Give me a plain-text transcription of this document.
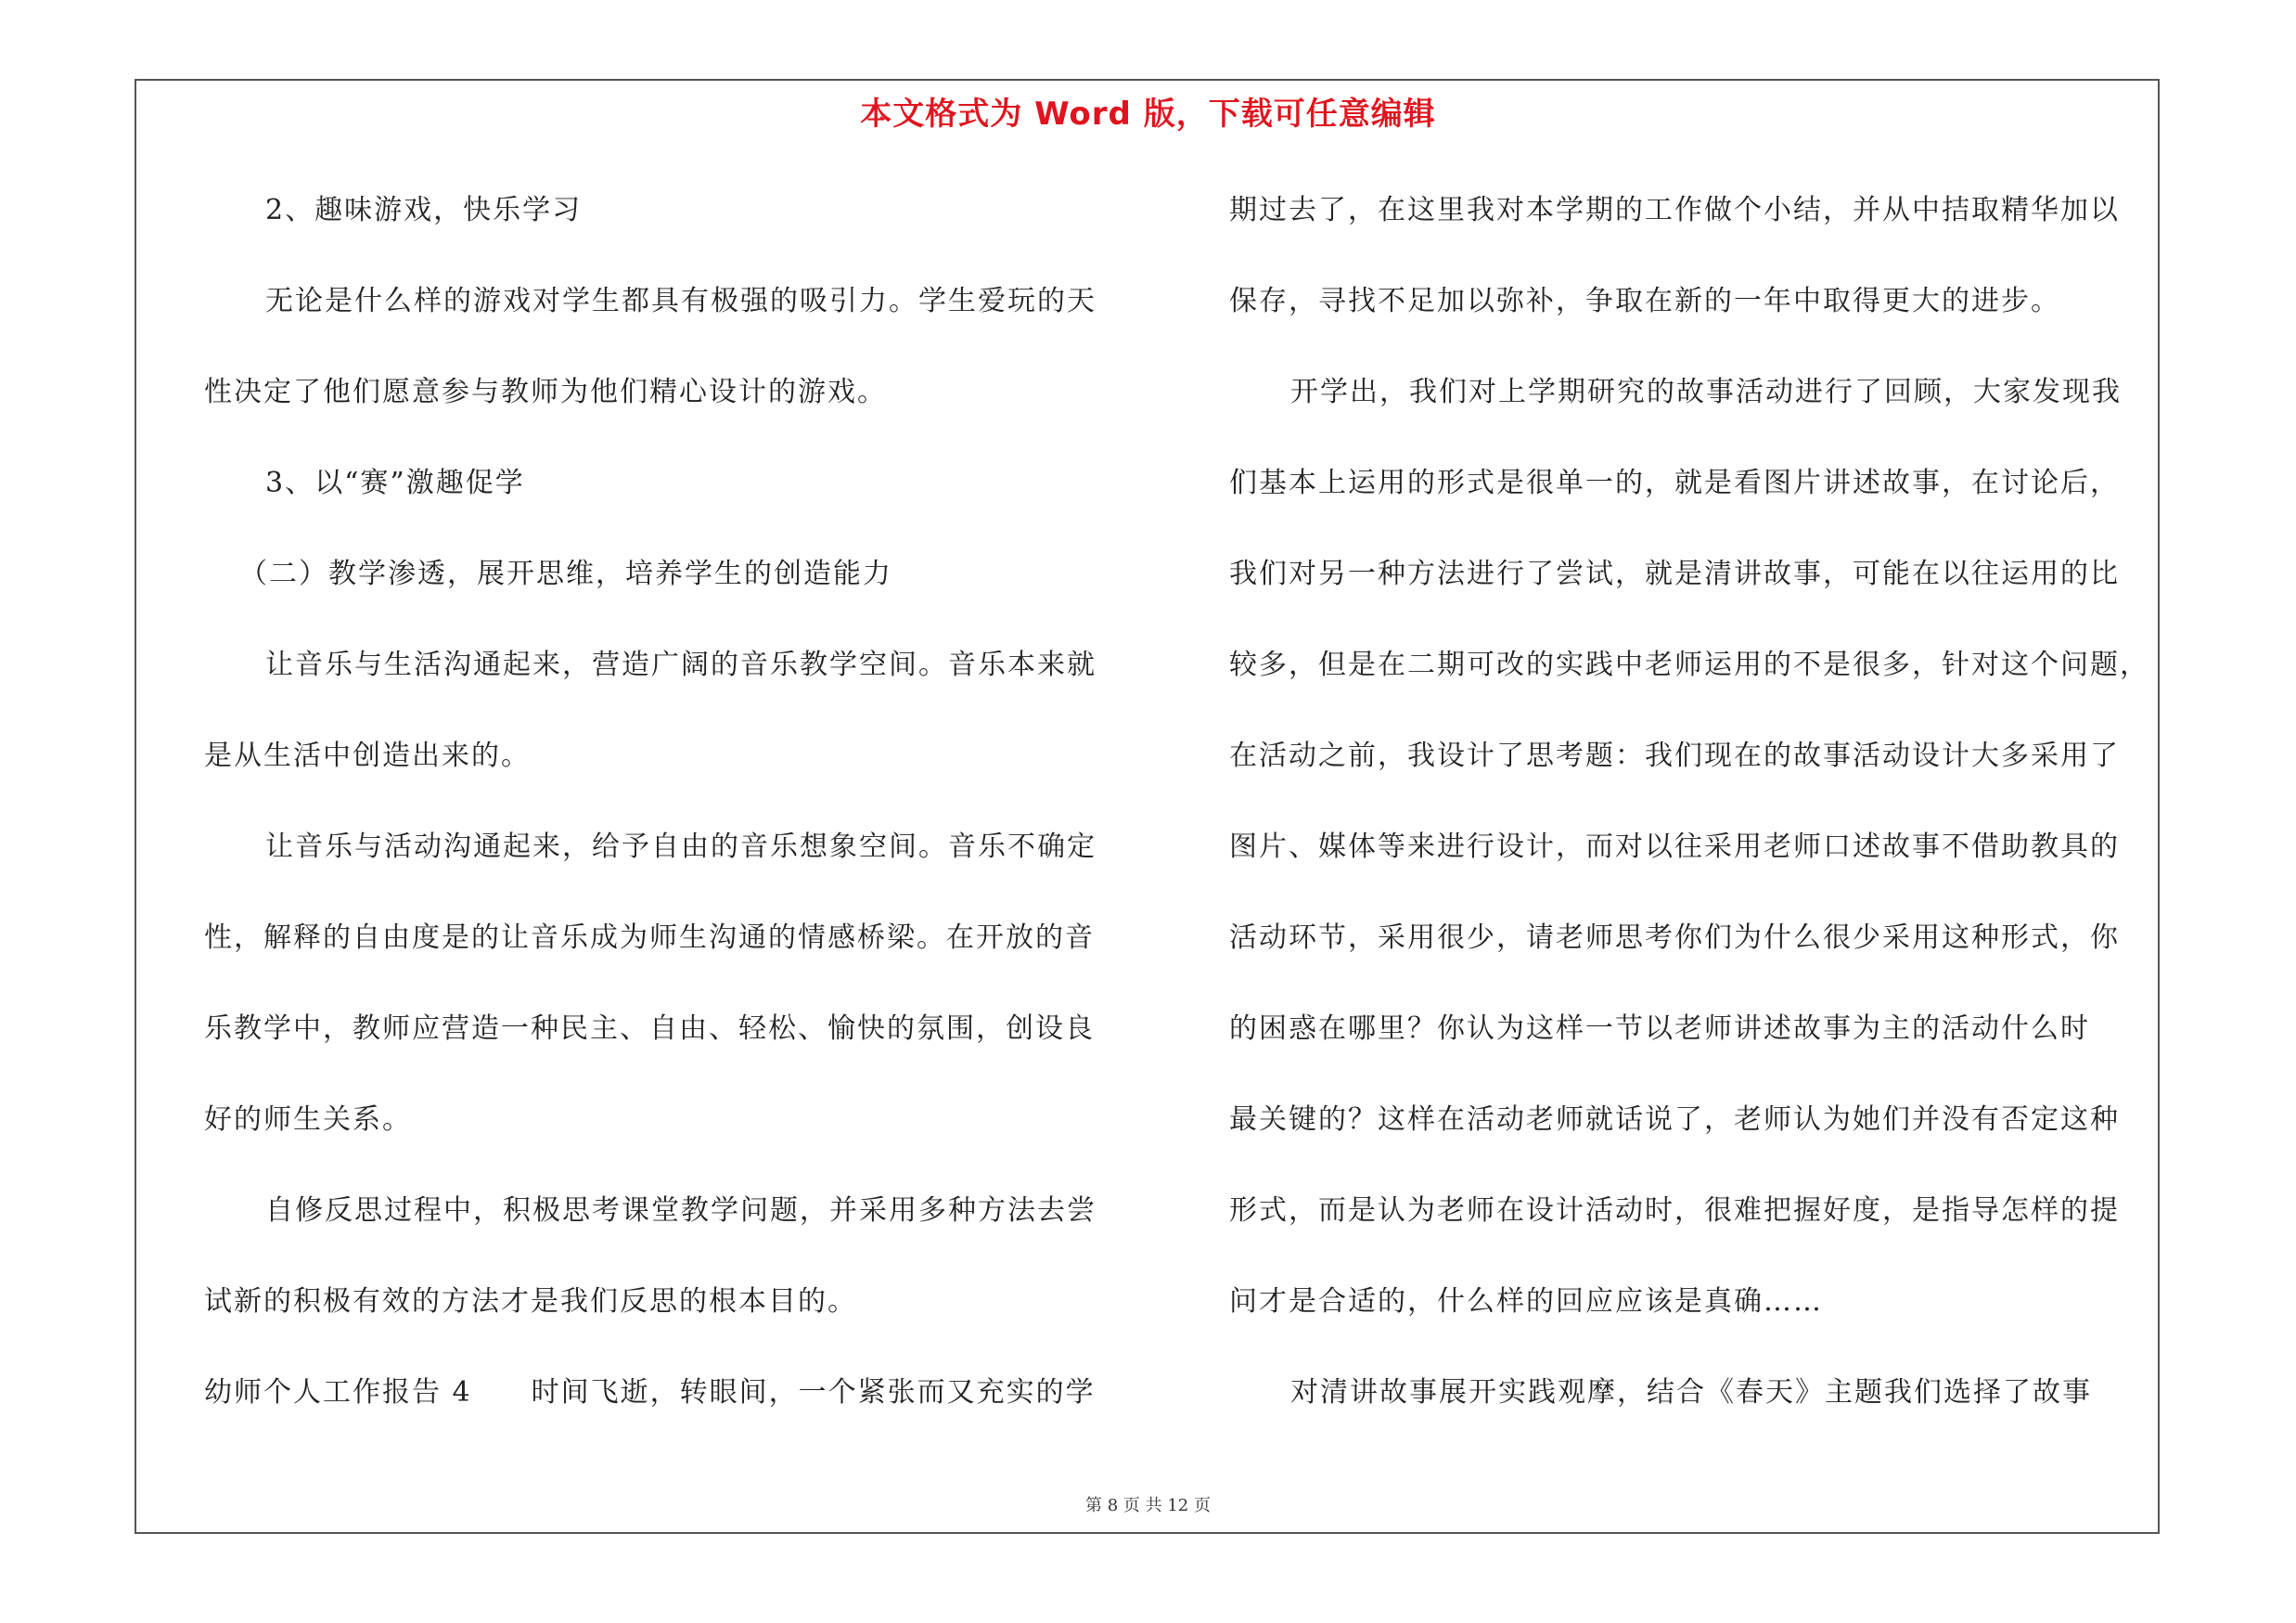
本文格式为 Word 版，下载可任意编辑
2、趣味游戏，快乐学习
无论是什么样的游戏对学生都具有极强的吸引力。学生爱玩的天
性决定了他们愿意参与教师为他们精心设计的游戏。
3、以“赛”激趣促学
（二）教学渗透，展开思维，培养学生的创造能力
让音乐与生活沟通起来，营造广阔的音乐教学空间。音乐本来就
是从生活中创造出来的。
让音乐与活动沟通起来，给予自由的音乐想象空间。音乐不确定
性，解释的自由度是的让音乐成为师生沟通的情感桥梁。在开放的音
乐教学中，教师应营造一种民主、自由、轻松、愉快的氛围，创设良
好的师生关系。
自修反思过程中，积极思考课堂教学问题，并采用多种方法去尝
试新的积极有效的方法才是我们反思的根本目的。
幼师个人工作报告 4 时间飞逝，转眼间，一个紧张而又充实的学
期过去了，在这里我对本学期的工作做个小结，并从中拮取精华加以
保存，寻找不足加以弥补，争取在新的一年中取得更大的进步。
开学出，我们对上学期研究的故事活动进行了回顾，大家发现我
们基本上运用的形式是很单一的，就是看图片讲述故事，在讨论后，
我们对另一种方法进行了尝试，就是清讲故事，可能在以往运用的比
较多，但是在二期可改的实践中老师运用的不是很多，针对这个问题，
在活动之前，我设计了思考题：我们现在的故事活动设计大多采用了
图片、媒体等来进行设计，而对以往采用老师口述故事不借助教具的
活动环节，采用很少，请老师思考你们为什么很少采用这种形式，你
的困惑在哪里？你认为这样一节以老师讲述故事为主的活动什么时
最关键的？这样在活动老师就话说了，老师认为她们并没有否定这种
形式，而是认为老师在设计活动时，很难把握好度，是指导怎样的提
问才是合适的，什么样的回应应该是真确……
对清讲故事展开实践观摩，结合《春天》主题我们选择了故事
第 8 页 共 12 页
